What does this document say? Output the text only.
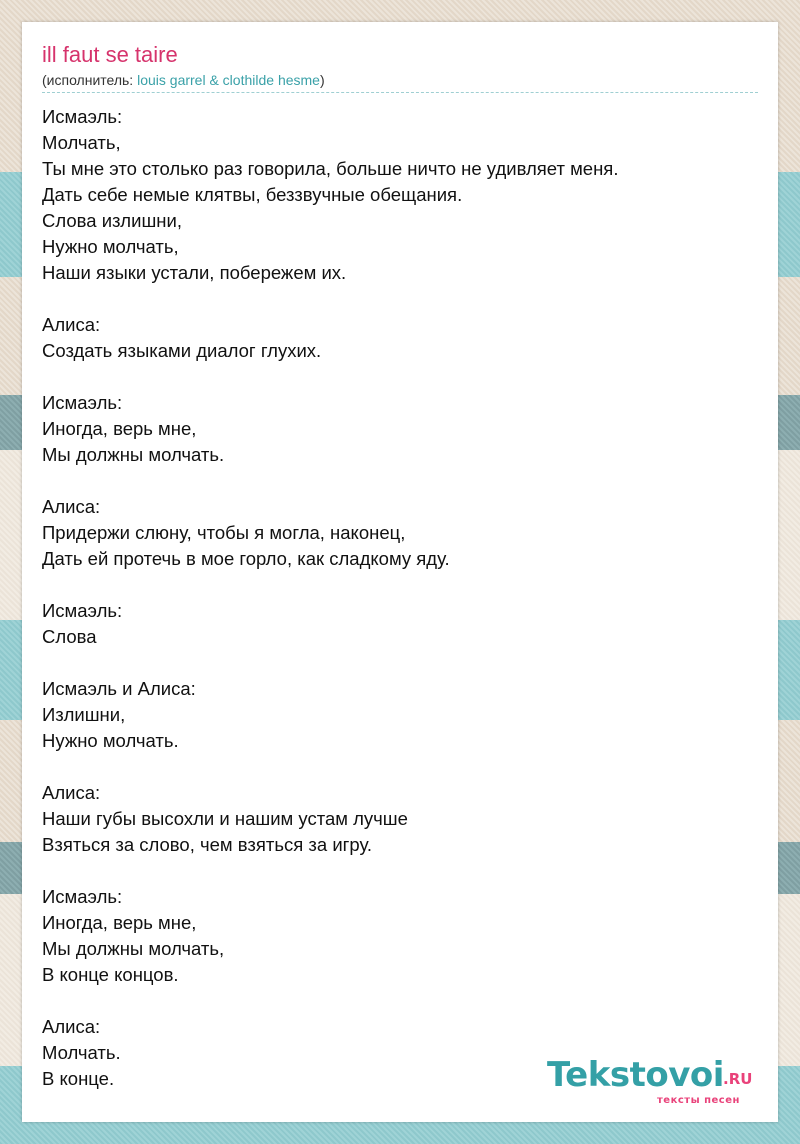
ill faut se taire
(исполнитель: louis garrel & clothilde hesme)
Исмаэль:
Молчать,
Ты мне это столько раз говорила, больше ничто не удивляет меня.
Дать себе немые клятвы, беззвучные обещания.
Слова излишни,
Нужно молчать,
Наши языки устали, побережем их.
Алиса:
Создать языками диалог глухих.
Исмаэль:
Иногда, верь мне,
Мы должны молчать.
Алиса:
Придержи слюну, чтобы я могла, наконец,
Дать ей протечь в мое горло, как сладкому яду.
Исмаэль:
Слова
Исмаэль и Алиса:
Излишни,
Нужно молчать.
Алиса:
Наши губы высохли и нашим устам лучше
Взяться за слово, чем взяться за игру.
Исмаэль:
Иногда, верь мне,
Мы должны молчать,
В конце концов.
Алиса:
Молчать.
В конце.	Tekstovoi .RU
тексты песен
